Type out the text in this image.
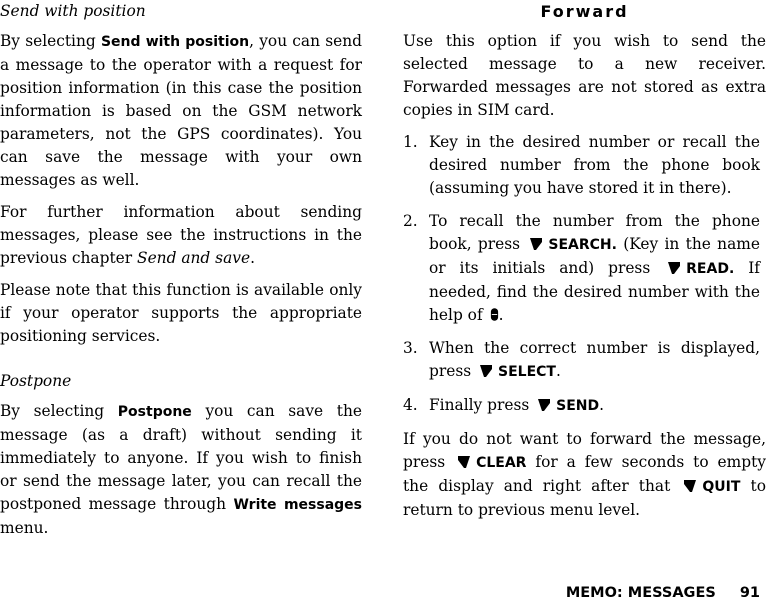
Send with position

By selecting Send with position, you can send a message to the operator with a request for position information (in this case the position information is based on the GSM network parameters, not the GPS coordinates). You can save the message with your own messages as well.

For further information about sending messages, please see the instructions in the previous chapter Send and save.

Please note that this function is available only if your operator supports the appropriate positioning services.

Postpone

By selecting Postpone you can save the message (as a draft) without sending it immediately to anyone. If you wish to finish or send the message later, you can recall the postponed message through Write messages menu.

Forward

Use this option if you wish to send the selected message to a new receiver. Forwarded messages are not stored as extra copies in SIM card.

1. Key in the desired number or recall the desired number from the phone book (assuming you have stored it in there).
2. To recall the number from the phone book, press SEARCH. (Key in the name or its initials and) press	READ. If needed, find the desired number with the help of .
3. When the correct number is displayed, press SELECT.
4. Finally press SEND.

If you do not want to forward the message, press CLEAR for a few seconds to empty the display and right after that QUIT to return to previous menu level.

MEMO: MESSAGES 91
